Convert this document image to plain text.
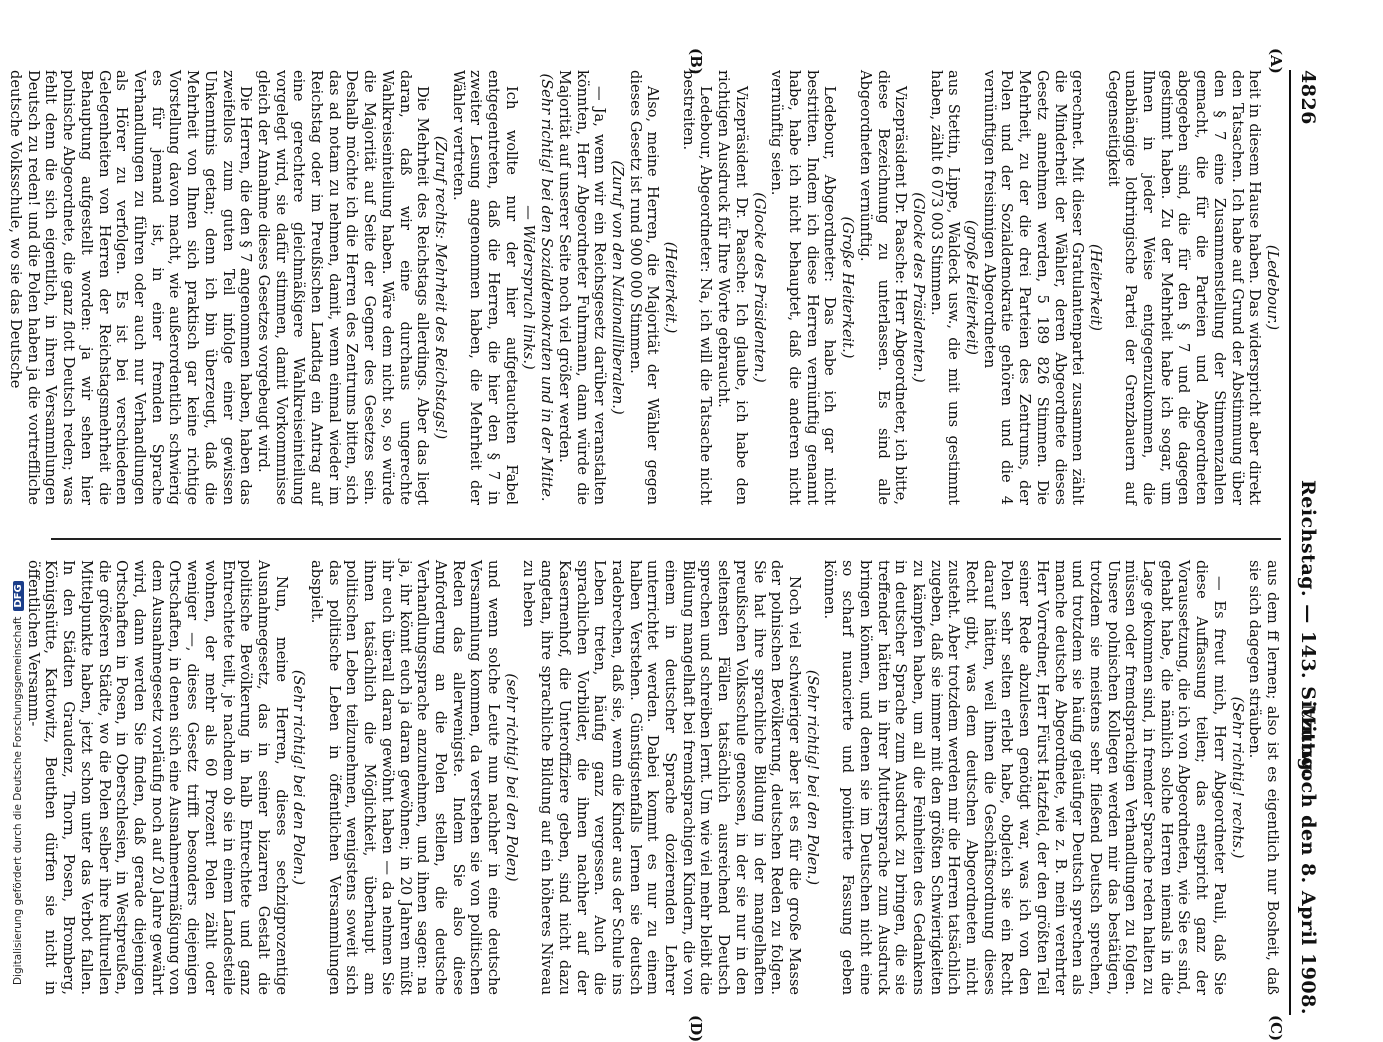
4826
Reichstag. — 143. Sitzung.
Mittwoch den 8. April 1908.
(A)
(B)
(C)
(D)

(Ledebour.)

heit in diesem Hause haben. Das widerspricht aber direkt den Tatsachen. Ich habe auf Grund der Abstimmung über den § 7 eine Zusammenstellung der Stimmenzahlen gemacht, die für die Parteien und Abgeordneten abgegeben sind, die für den § 7 und die dagegen gestimmt haben. Zu der Mehrheit habe ich sogar, um Ihnen in jeder Weise entgegenzukommen, die unabhängige lothringische Partei der Grenzbauern auf Gegenseitigkeit

(Heiterkeit)

gerechnet. Mit dieser Gratulantenpartei zusammen zählt die Minderheit der Wähler, deren Abgeordnete dieses Gesetz annehmen werden, 5 189 826 Stimmen. Die Mehrheit, zu der die drei Parteien des Zentrums, der Polen und der Sozialdemokratie gehören und die 4 vernünftigen freisinnigen Abgeordneten

(große Heiterkeit)

aus Stettin, Lippe, Waldeck usw., die mit uns gestimmt haben, zählt 6 073 003 Stimmen.

(Glocke des Präsidenten.)

Vizepräsident Dr. Paasche: Herr Abgeordneter, ich bitte, diese Bezeichnung zu unterlassen. Es sind alle Abgeordneten vernünftig.

(Große Heiterkeit.)

Ledebour, Abgeordneter: Das habe ich gar nicht bestritten. Indem ich diese Herren vernünftig genannt habe, habe ich nicht behauptet, daß die anderen nicht vernünftig seien.

(Glocke des Präsidenten.)

Vizepräsident Dr. Paasche: Ich glaube, ich habe den richtigen Ausdruck für Ihre Worte gebraucht.

Ledebour, Abgeordneter: Na, ich will die Tatsache nicht bestreiten.

(Heiterkeit.)

Also, meine Herren, die Majorität der Wähler gegen dieses Gesetz ist rund 900 000 Stimmen.

(Zuruf von den Nationalliberalen.)

— Ja, wenn wir ein Reichsgesetz darüber veranstalten könnten, Herr Abgeordneter Fuhrmann, dann würde die Majorität auf unserer Seite noch viel größer werden.

(Sehr richtig! bei den Sozialdemokraten und in der Mitte. — Widerspruch links.)

Ich wollte nur der hier aufgetauchten Fabel entgegentreten, daß die Herren, die hier den § 7 in zweiter Lesung angenommen haben, die Mehrheit der Wähler vertreten.

(Zuruf rechts: Mehrheit des Reichstags!)

Die Mehrheit des Reichstags allerdings. Aber das liegt daran, daß wir eine durchaus ungerechte Wahlkreiseinteilung haben. Wäre dem nicht so, so würde die Majorität auf Seite der Gegner des Gesetzes sein. Deshalb möchte ich die Herren des Zentrums bitten, sich das ad notam zu nehmen, damit, wenn einmal wieder im Reichstag oder im Preußischen Landtag ein Antrag auf eine gerechtere gleichmäßigere Wahlkreiseinteilung vorgelegt wird, sie dafür stimmen, damit Vorkommnisse gleich der Annahme dieses Gesetzes vorgebeugt wird.

Die Herren, die den § 7 angenommen haben, haben das zweifellos zum guten Teil infolge einer gewissen Unkenntnis getan; denn ich bin überzeugt, daß die Mehrheit von Ihnen sich praktisch gar keine richtige Vorstellung davon macht, wie außerordentlich schwierig es für jemand ist, in einer fremden Sprache Verhandlungen zu führen oder auch nur Verhandlungen als Hörer zu verfolgen. Es ist bei verschiedenen Gelegenheiten von Herren der Reichstagsmehrheit die Behauptung aufgestellt worden: ja wir sehen hier polnische Abgeordnete, die ganz flott Deutsch reden; was fehlt denn die sich eigentlich, in ihren Versammlungen Deutsch zu reden! und die Polen haben ja die vortreffliche deutsche Volksschule, wo sie das Deutsche

aus dem ff lernen; also ist es eigentlich nur Bosheit, daß sie sich dagegen sträuben.

(Sehr richtig! rechts.)

— Es freut mich, Herr Abgeordneter Pauli, daß Sie diese Auffassung teilen; das entspricht ganz der Voraussetzung, die ich von Abgeordneten, wie Sie es sind, gehabt habe, die nämlich solche Herren niemals in die Lage gekommen sind, in fremder Sprache reden halten zu müssen oder fremdsprachigen Verhandlungen zu folgen. Unsere polnischen Kollegen werden mir das bestätigen, trotzdem sie meistens sehr fließend Deutsch sprechen, und trotzdem sie häufig geläufiger Deutsch sprechen als manche deutsche Abgeordnete, wie z. B. mein verehrter Herr Vorredner, Herr Fürst Hatzfeld, der den größten Teil seiner Rede abzulesen genötigt war, was ich von den Polen sehr selten erlebt habe, obgleich sie ein Recht darauf hätten, weil ihnen die Geschäftsordnung dieses Recht gibt, was dem deutschen Abgeordneten nicht zusteht. Aber trotzdem werden mir die Herren tatsächlich zugeben, daß sie immer mit den größten Schwierigkeiten zu kämpfen haben, um all die Feinheiten des Gedankens in deutscher Sprache zum Ausdruck zu bringen, die sie treffender hätten in ihrer Muttersprache zum Ausdruck bringen können, und denen sie im Deutschen nicht eine so scharf nuancierte und pointierte Fassung geben können.

(Sehr richtig! bei den Polen.)

Noch viel schwieriger aber ist es für die große Masse der polnischen Bevölkerung, deutschen Reden zu folgen. Sie hat ihre sprachliche Bildung in der mangelhaften preußischen Volksschule genossen, in der sie nur in den seltensten Fällen tatsächlich ausreichend Deutsch sprechen und schreiben lernt. Um wie viel mehr bleibt die Bildung mangelhaft bei fremdsprachigen Kindern, die von einem in deutscher Sprache dozierenden Lehrer unterrichtet werden. Dabei kommt es nur zu einem halben Verstehen. Günstigstenfalls lernen sie deutsch radebrechen, daß sie, wenn die Kinder aus der Schule ins Leben treten, häufig ganz vergessen. Auch die sprachlichen Vorbilder, die ihnen nachher auf der Kasernenhof, die Unteroffiziere geben, sind nicht dazu angetan, ihre sprachliche Bildung auf ein höheres Niveau zu heben

(sehr richtig! bei den Polen)

und wenn solche Leute nun nachher in eine deutsche Versammlung kommen, da verstehen sie von politischen Reden das allerwenigste. Indem Sie also diese Anforderung an die Polen stellen, die deutsche Verhandlungssprache anzunehmen, und ihnen sagen: na ja, ihr könnt euch ja daran gewöhnen; in 20 Jahren müßt ihr euch überall daran gewöhnt haben — da nehmen Sie ihnen tatsächlich die Möglichkeit, überhaupt am politischen Leben teilzunehmen, wenigstens soweit sich das politische Leben in öffentlichen Versammlungen abspielt.

(Sehr richtig! bei den Polen.)

Nun, meine Herren, dieses sechzigprozentige Ausnahmegesetz, das in seiner bizarren Gestalt die politische Bevölkerung in halb Entrechtete und ganz Entrechtete teilt, je nachdem ob sie in einem Landesteile wohnen, der mehr als 60 Prozent Polen zählt oder weniger —, dieses Gesetz trifft besonders diejenigen Ortschaften, in denen sich eine Ausnahmeermäßigung von dem Ausnahmegesetz vorläufig noch auf 20 Jahre gewährt wird, dann werden Sie finden, daß gerade diejenigen Ortschaften in Posen, in Oberschlesien, in Westpreußen, die größeren Städte, wo die Polen selber ihre kulturellen Mittelpunkte haben, jetzt schon unter das Verbot fallen. In den Städten Graudenz, Thorn, Posen, Bromberg, Königshütte, Kattowitz, Beuthen dürfen sie nicht in öffentlichen Versamm-

Digitalisierung gefördert durch die Deutsche ForschungsgemeinschaftDFG
